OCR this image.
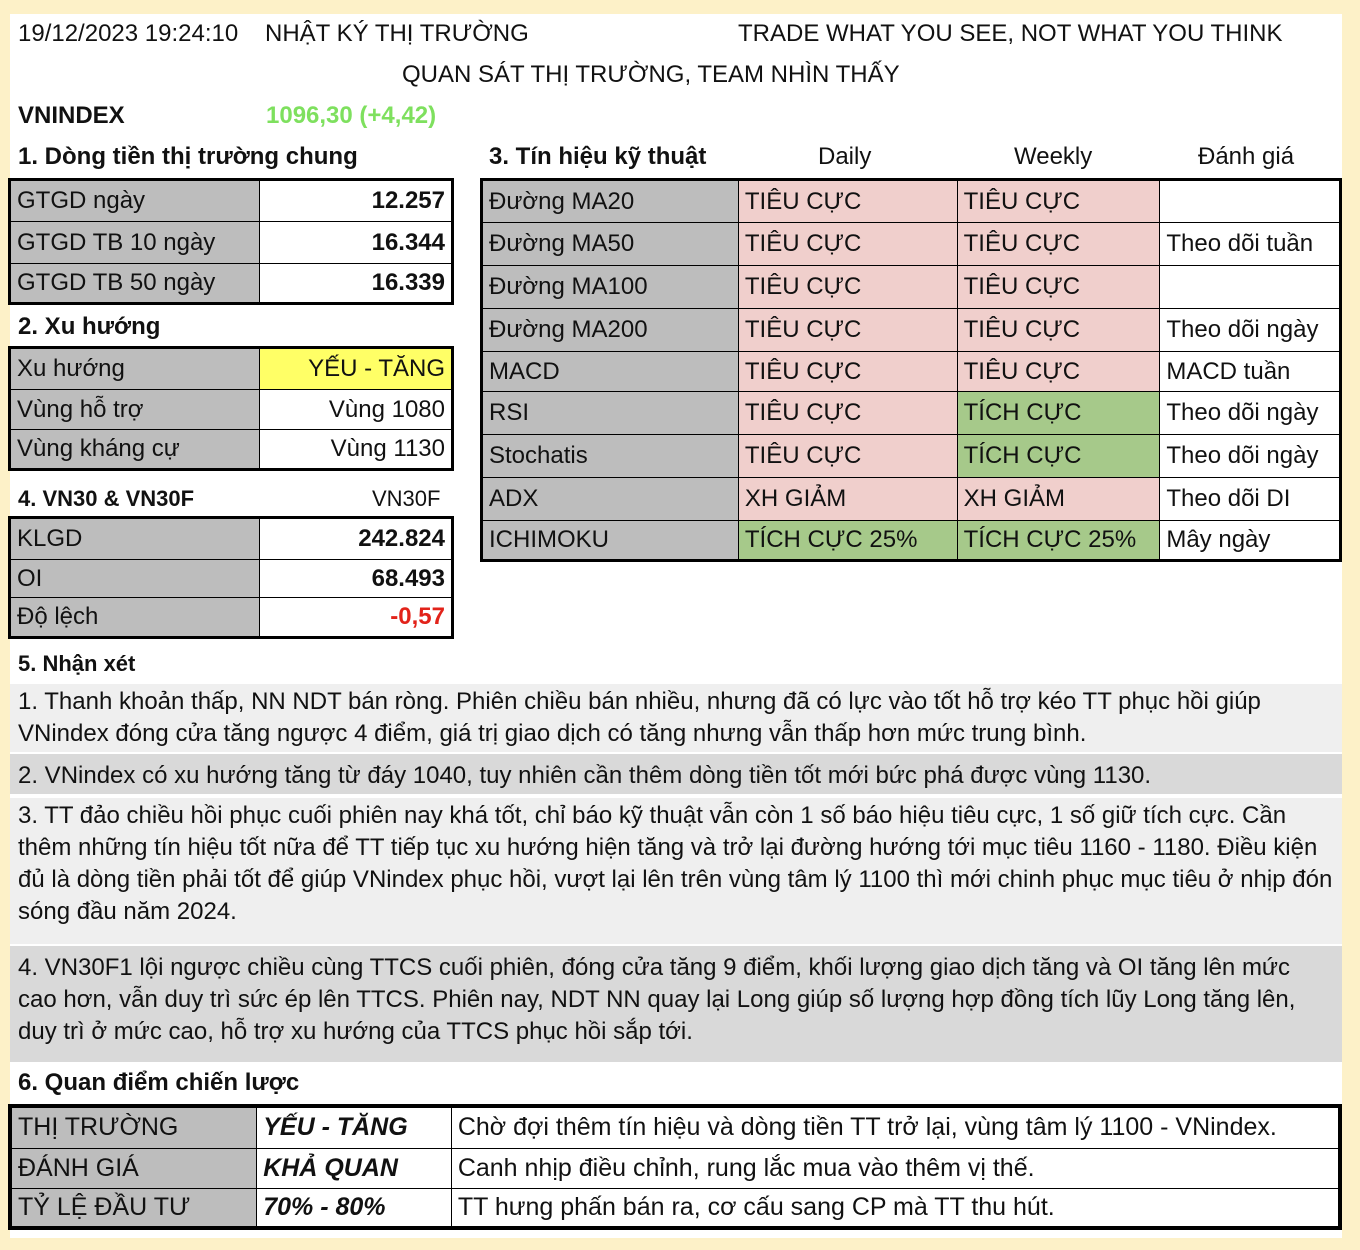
19/12/2023 19:24:10 NHẬT KÝ THỊ TRƯỜNG	TRADE WHAT YOU SEE, NOT WHAT YOU THINK
QUAN SÁT THỊ TRƯỜNG, TEAM NHÌN THẤY
VNINDEX	1096,30 (+4,42)
1. Dòng tiền thị trường chung
GTGD ngày	12.257
GTGD TB 10 ngày	16.344
GTGD TB 50 ngày	16.339
2. Xu hướng
Xu hướng	YẾU - TĂNG
Vùng hỗ trợ	Vùng 1080
Vùng kháng cự	Vùng 1130
4. VN30 & VN30F	VN30F
KLGD	242.824
OI	68.493
Độ lệch	-0,57
3. Tín hiệu kỹ thuật	Daily	Weekly	Đánh giá
Đường MA20	TIÊU CỰC	TIÊU CỰC	
Đường MA50	TIÊU CỰC	TIÊU CỰC	Theo dõi tuần
Đường MA100	TIÊU CỰC	TIÊU CỰC	
Đường MA200	TIÊU CỰC	TIÊU CỰC	Theo dõi ngày
MACD	TIÊU CỰC	TIÊU CỰC	MACD tuần
RSI	TIÊU CỰC	TÍCH CỰC	Theo dõi ngày
Stochatis	TIÊU CỰC	TÍCH CỰC	Theo dõi ngày
ADX	XH GIẢM	XH GIẢM	Theo dõi DI
ICHIMOKU	TÍCH CỰC 25%	TÍCH CỰC 25%	Mây ngày
5. Nhận xét
1. Thanh khoản thấp, NN NDT bán ròng. Phiên chiều bán nhiều, nhưng đã có lực vào tốt hỗ trợ kéo TT phục hồi giúp VNindex đóng cửa tăng ngược 4 điểm, giá trị giao dịch có tăng nhưng vẫn thấp hơn mức trung bình.
2. VNindex có xu hướng tăng từ đáy 1040, tuy nhiên cần thêm dòng tiền tốt mới bức phá được vùng 1130.
3. TT đảo chiều hồi phục cuối phiên nay khá tốt, chỉ báo kỹ thuật vẫn còn 1 số báo hiệu tiêu cực, 1 số giữ tích cực. Cần thêm những tín hiệu tốt nữa để TT tiếp tục xu hướng hiện tăng và trở lại đường hướng tới mục tiêu 1160 - 1180. Điều kiện đủ là dòng tiền phải tốt để giúp VNindex phục hồi, vượt lại lên trên vùng tâm lý 1100 thì mới chinh phục mục tiêu ở nhịp đón sóng đầu năm 2024.
4. VN30F1 lội ngược chiều cùng TTCS cuối phiên, đóng cửa tăng 9 điểm, khối lượng giao dịch tăng và OI tăng lên mức cao hơn, vẫn duy trì sức ép lên TTCS. Phiên nay, NDT NN quay lại Long giúp số lượng hợp đồng tích lũy Long tăng lên, duy trì ở mức cao, hỗ trợ xu hướng của TTCS phục hồi sắp tới.
6. Quan điểm chiến lược
THỊ TRƯỜNG	YẾU - TĂNG	Chờ đợi thêm tín hiệu và dòng tiền TT trở lại, vùng tâm lý 1100 - VNindex.
ĐÁNH GIÁ	KHẢ QUAN	Canh nhịp điều chỉnh, rung lắc mua vào thêm vị thế.
TỶ LỆ ĐẦU TƯ	70% - 80%	TT hưng phấn bán ra, cơ cấu sang CP mà TT thu hút.
